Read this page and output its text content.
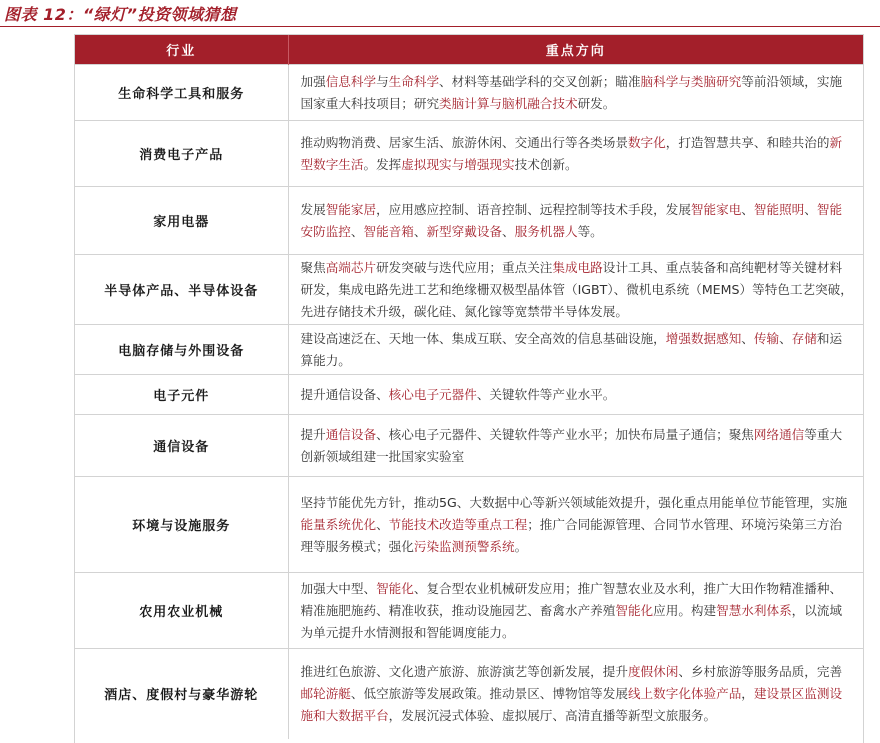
图表 12：“绿灯”投资领域猜想
行业	重点方向
生命科学工具和服务	加强信息科学与生命科学、材料等基础学科的交叉创新；瞄准脑科学与类脑研究等前沿领域，实施国家重大科技项目；研究类脑计算与脑机融合技术研发。

消费电子产品	推动购物消费、居家生活、旅游休闲、交通出行等各类场景数字化，打造智慧共享、和睦共治的新型数字生活。发挥虚拟现实与增强现实技术创新。

家用电器	发展智能家居，应用感应控制、语音控制、远程控制等技术手段，发展智能家电、智能照明、智能安防监控、智能音箱、新型穿戴设备、服务机器人等。

半导体产品、半导体设备	聚焦高端芯片研发突破与迭代应用；重点关注集成电路设计工具、重点装备和高纯靶材等关键材料研发，集成电路先进工艺和绝缘栅双极型晶体管（IGBT）、微机电系统（MEMS）等特色工艺突破，先进存储技术升级，碳化硅、氮化镓等宽禁带半导体发展。

电脑存储与外围设备	建设高速泛在、天地一体、集成互联、安全高效的信息基础设施，增强数据感知、传输、存储和运算能力。

电子元件	提升通信设备、核心电子元器件、关键软件等产业水平。

通信设备	提升通信设备、核心电子元器件、关键软件等产业水平；加快布局量子通信；聚焦网络通信等重大创新领域组建一批国家实验室

环境与设施服务	坚持节能优先方针，推动5G、大数据中心等新兴领域能效提升，强化重点用能单位节能管理，实施能量系统优化、节能技术改造等重点工程；推广合同能源管理、合同节水管理、环境污染第三方治理等服务模式；强化污染监测预警系统。

农用农业机械	加强大中型、智能化、复合型农业机械研发应用；推广智慧农业及水利，推广大田作物精准播种、精准施肥施药、精准收获，推动设施园艺、畜禽水产养殖智能化应用。构建智慧水利体系，以流域为单元提升水情测报和智能调度能力。

酒店、度假村与豪华游轮	推进红色旅游、文化遗产旅游、旅游演艺等创新发展，提升度假休闲、乡村旅游等服务品质，完善邮轮游艇、低空旅游等发展政策。推动景区、博物馆等发展线上数字化体验产品，建设景区监测设施和大数据平台，发展沉浸式体验、虚拟展厅、高清直播等新型文旅服务。
